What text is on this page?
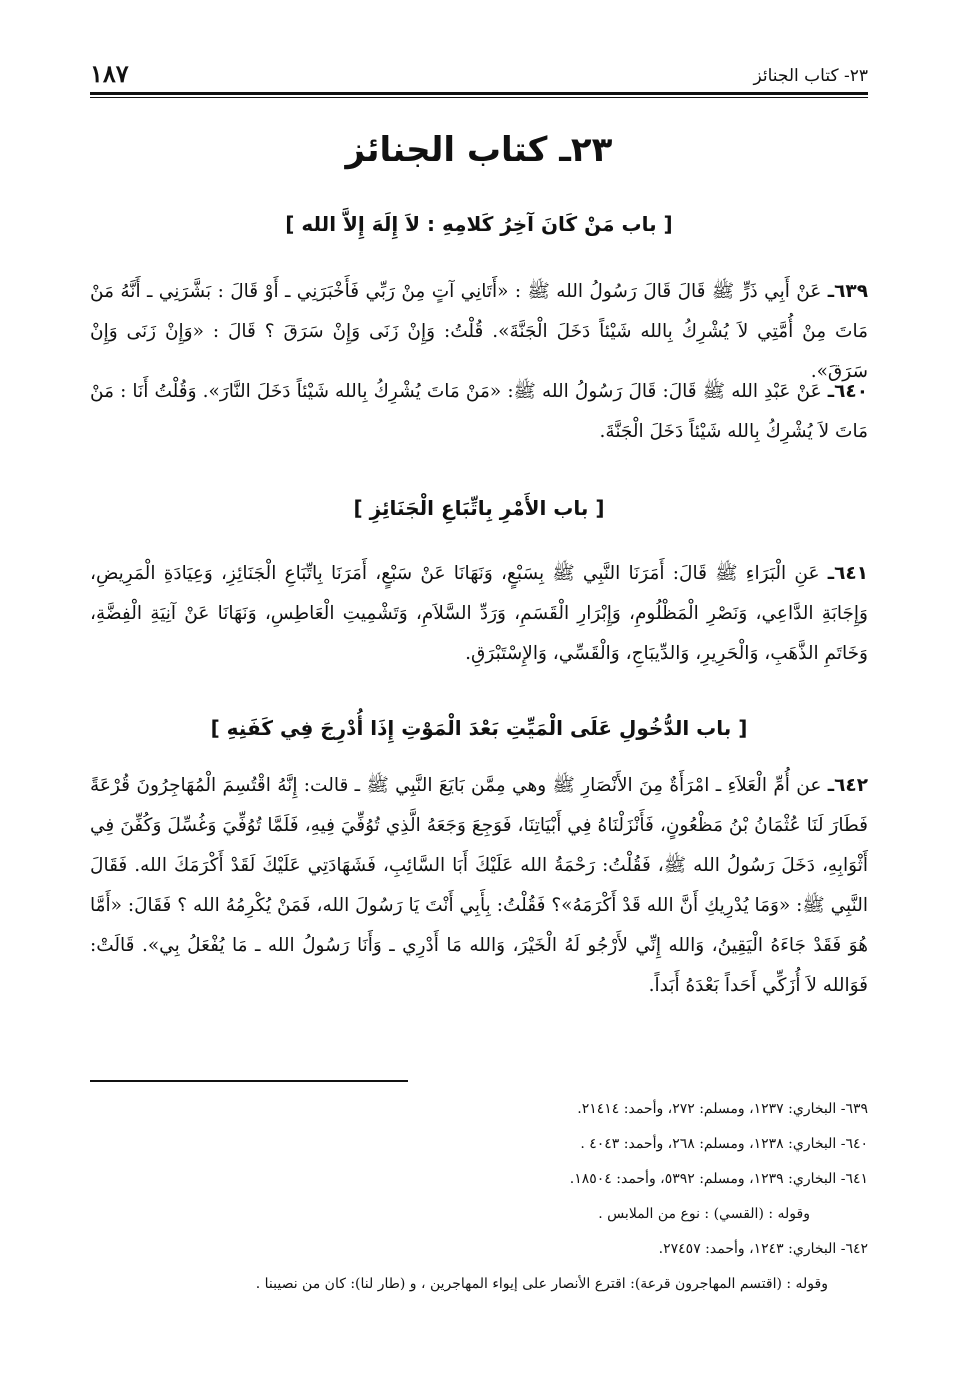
٢٣- كتاب الجنائز
١٨٧
٢٣ـ كتاب الجنائز

[ باب مَنْ كَانَ آخِرُ كَلامِهِ : لاَ إِلَهَ إِلاَّ الله ]

٦٣٩ـ عَنْ أَبِي ذَرٍّ ﷺ قَالَ قَالَ رَسُولُ الله ﷺ : «أَتَانِي آتٍ مِنْ رَبِّي فَأَخْبَرَنِي ـ أَوْ قَالَ : بَشَّرَنِي ـ أَنَّهُ مَنْ مَاتَ مِنْ أُمَّتِي لاَ يُشْرِكُ بِالله شَيْئاً دَخَلَ الْجَنَّةَ». قُلْتُ: وَإِنْ زَنَى وَإِنْ سَرَقَ ؟ قَالَ : «وَإِنْ زَنَى وَإِنْ سَرَقَ».

٦٤٠ـ عَنْ عَبْدِ الله ﷺ قَالَ: قَالَ رَسُولُ الله ﷺ: «مَنْ مَاتَ يُشْرِكُ بِالله شَيْئاً دَخَلَ النَّارَ». وَقُلْتُ أَنَا : مَنْ مَاتَ لاَ يُشْرِكُ بِالله شَيْئاً دَخَلَ الْجَنَّةَ.

[ باب الأَمْرِ بِاتِّبَاعِ الْجَنَائِزِ ]

٦٤١ـ عَنِ الْبَرَاءِ ﷺ قَالَ: أَمَرَنَا النَّبِي ﷺ بِسَبْعٍ، وَنَهَانَا عَنْ سَبْعٍ، أَمَرَنَا بِاتِّبَاعِ الْجَنَائِزِ، وَعِيَادَةِ الْمَرِيضِ، وَإِجَابَةِ الدَّاعِي، وَنَصْرِ الْمَظْلُومِ، وَإِبْرَارِ الْقَسَمِ، وَرَدِّ السَّلاَمِ، وَتَشْمِيتِ الْعَاطِسِ، وَنَهَانَا عَنْ آنِيَةِ الْفِضَّةِ، وَخَاتَمِ الذَّهَبِ، وَالْحَرِيرِ، وَالدِّيبَاجِ، وَالْقَسِّي، وَالإِسْتَبْرَقِ.

[ باب الدُّخُولِ عَلَى الْمَيِّتِ بَعْدَ الْمَوْتِ إِذَا أُدْرِجَ فِي كَفَنِهِ ]

٦٤٢ـ عن أُمِّ الْعَلاَءِ ـ امْرَأَةٌ مِنَ الأَنْصَارِ ﷺ وهي مِمَّن بَايَعَ النَّبِي ﷺ ـ قالت: إِنَّهُ اقْتُسِمَ الْمُهَاجِرُونَ قُرْعَةً فَطَارَ لَنَا عُثْمَانُ بْنُ مَظْعُونٍ، فَأَنْزَلْنَاهُ فِي أَبْيَاتِنَا، فَوَجِعَ وَجَعَهُ الَّذِي تُوُفِّيَ فِيهِ، فَلَمَّا تُوُفِّيَ وَغُسِّلَ وَكُفِّنَ فِي أَثْوَابِهِ، دَخَلَ رَسُولُ الله ﷺ، فَقُلْتُ: رَحْمَةُ الله عَلَيْكَ أَبَا السَّائِبِ، فَشَهَادَتِي عَلَيْكَ لَقَدْ أَكْرَمَكَ الله. فَقَالَ النَّبِي ﷺ: «وَمَا يُدْرِيكِ أَنَّ الله قَدْ أَكْرَمَهُ»؟ فَقُلْتُ: بِأَبِي أَنْتَ يَا رَسُولَ الله، فَمَنْ يُكْرِمُهُ الله ؟ فَقَالَ: «أَمَّا هُوَ فَقَدْ جَاءَهُ الْيَقِينُ، وَالله إِنِّي لأَرْجُو لَهُ الْخَيْرَ، وَالله مَا أَدْرِي ـ وَأَنَا رَسُولُ الله ـ مَا يُفْعَلُ بِي». قَالَتْ: فَوَالله لاَ أُزَكِّي أَحَداً بَعْدَهُ أَبَداً.

٦٣٩- البخاري: ١٢٣٧، ومسلم: ٢٧٢، وأحمد: ٢١٤١٤.

٦٤٠- البخاري: ١٢٣٨، ومسلم: ٢٦٨، وأحمد: ٤٠٤٣ .

٦٤١- البخاري: ١٢٣٩، ومسلم: ٥٣٩٢، وأحمد: ١٨٥٠٤.

وقوله : (القسي) : نوع من الملابس .

٦٤٢- البخاري: ١٢٤٣، وأحمد: ٢٧٤٥٧.

وقوله : (اقتسم المهاجرون قرعة): اقترع الأنصار على إيواء المهاجرين ، و (طار لنا): كان من نصيبنا .
